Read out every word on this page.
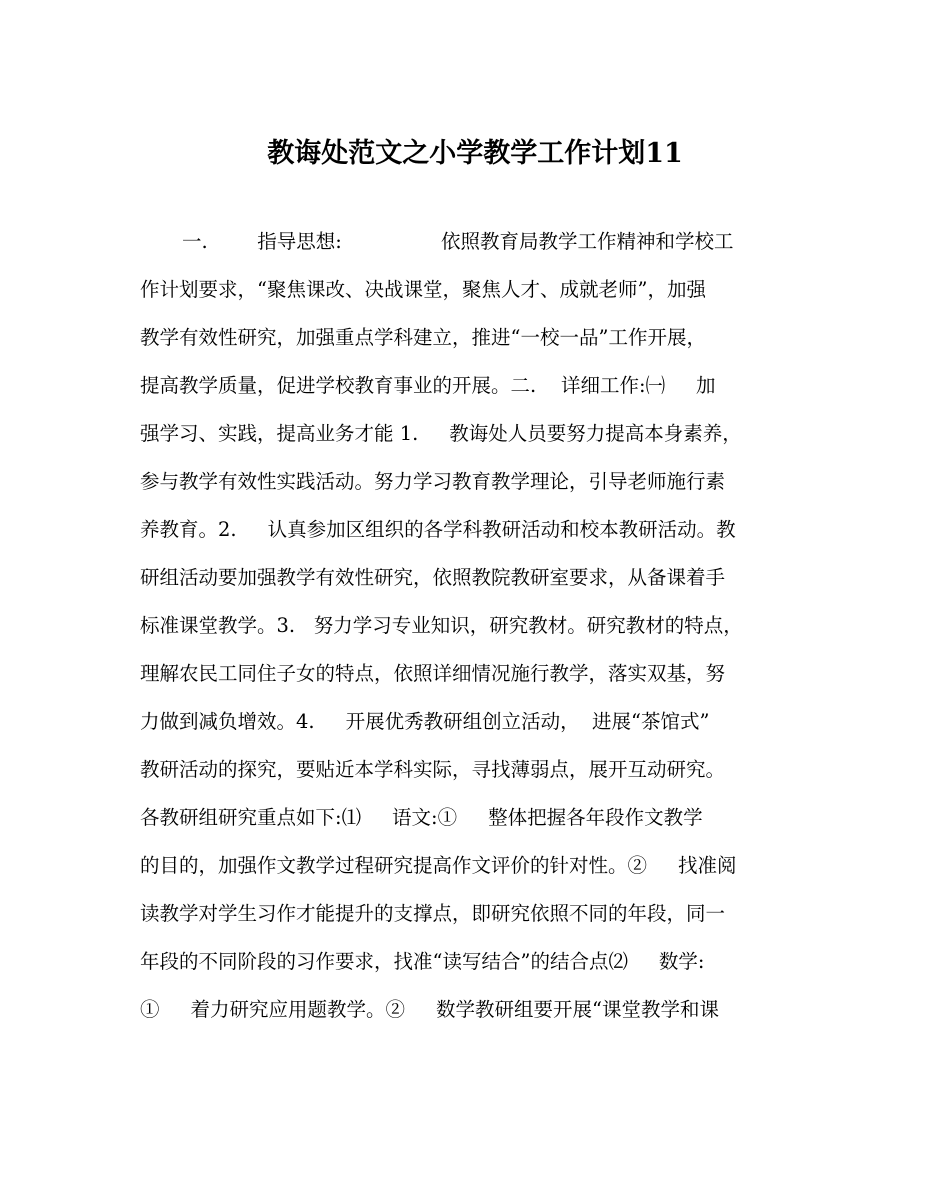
教诲处范文之小学教学工作计划11
一.        指导思想:                依照教育局教学工作精神和学校工
作计划要求，“聚焦课改、决战课堂，聚焦人才、成就老师”，加强
教学有效性研究，加强重点学科建立，推进“一校一品”工作开展，
提高教学质量，促进学校教育事业的开展。二.    详细工作:㈠     加
强学习、实践，提高业务才能 1.     教诲处人员要努力提高本身素养，
参与教学有效性实践活动。努力学习教育教学理论，引导老师施行素
养教育。2.     认真参加区组织的各学科教研活动和校本教研活动。教
研组活动要加强教学有效性研究，依照教院教研室要求，从备课着手
标准课堂教学。3.   努力学习专业知识，研究教材。研究教材的特点，
理解农民工同住子女的特点，依照详细情况施行教学，落实双基，努
力做到减负增效。4.     开展优秀教研组创立活动，  进展“茶馆式”
教研活动的探究，要贴近本学科实际，寻找薄弱点，展开互动研究。
各教研组研究重点如下:⑴     语文:①     整体把握各年段作文教学
的目的，加强作文教学过程研究提高作文评价的针对性。②     找准阅
读教学对学生习作才能提升的支撑点，即研究依照不同的年段，同一
年段的不同阶段的习作要求，找准“读写结合”的结合点⑵     数学:
①     着力研究应用题教学。②     数学教研组要开展“课堂教学和课
